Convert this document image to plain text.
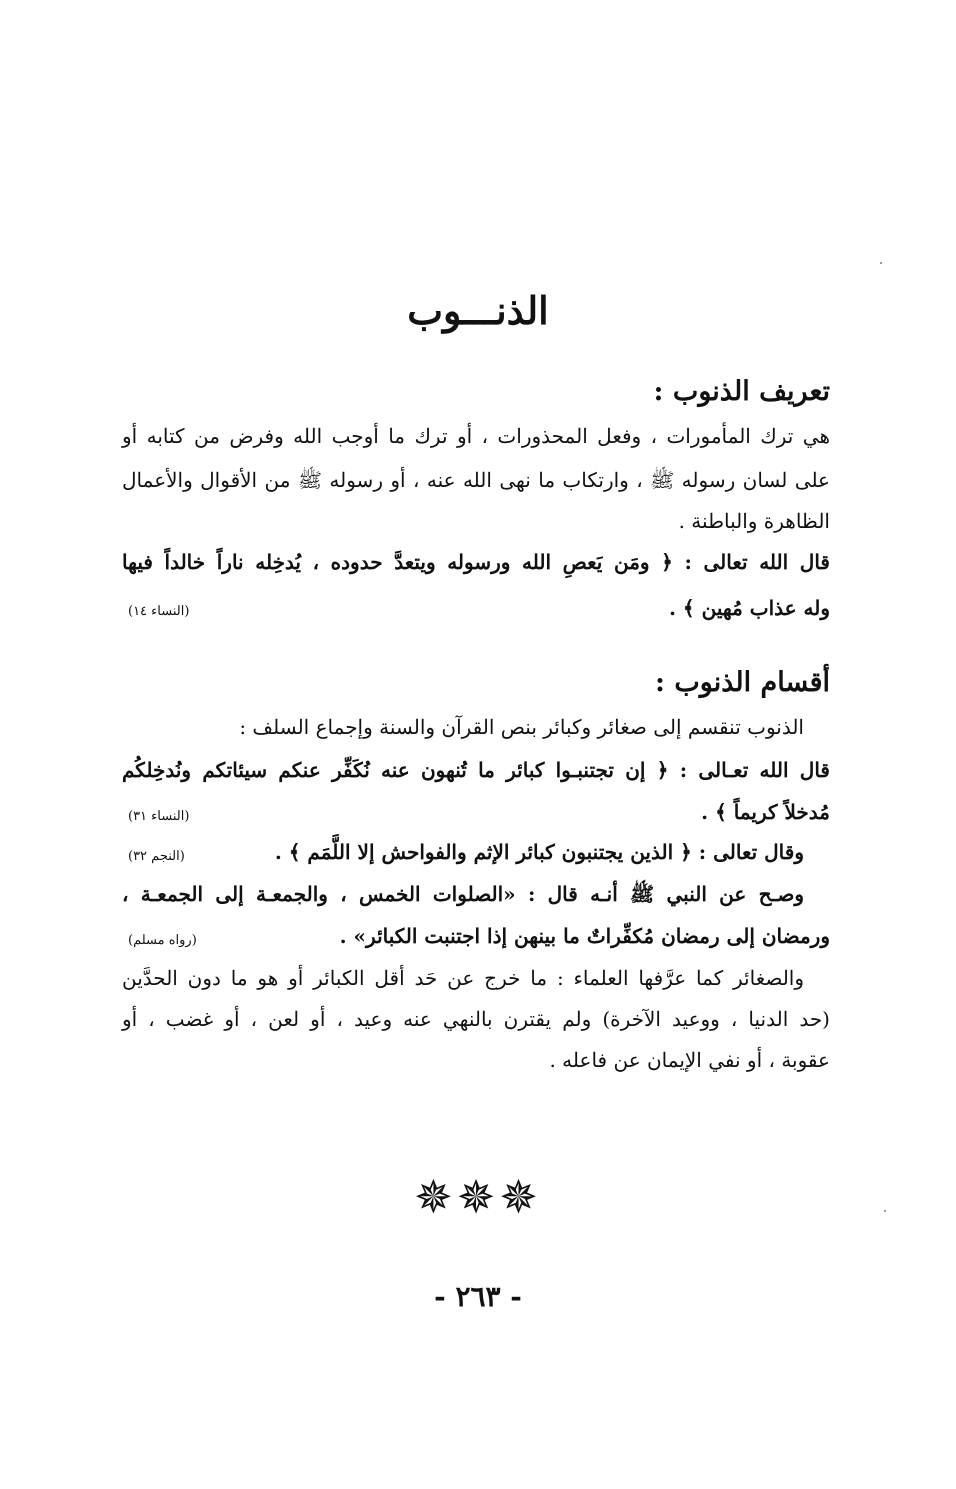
الذنـــوب
تعريف الذنوب :
هي ترك المأمورات ، وفعل المحذورات ، أو ترك ما أوجب الله وفرض من كتابه أو
على لسان رسوله ﷺ ، وارتكاب ما نهى الله عنه ، أو رسوله ﷺ من الأقوال والأعمال
الظاهرة والباطنة .
قال الله تعالى : ﴿ ومَن يَعصِ الله ورسوله ويتعدَّ حدوده ، يُدخِله ناراً خالداً فيها
وله عذاب مُهين ﴾ .
(النساء ١٤)
أقسام الذنوب :
الذنوب تنقسم إلى صغائر وكبائر بنص القرآن والسنة وإجماع السلف :
قال الله تعـالى : ﴿ إن تجتنبـوا كبائر ما تُنهون عنه نُكَفِّر عنكم سيئاتكم ونُدخِلكُم
مُدخلاً كريماً ﴾ .
(النساء ٣١)
وقال تعالى : ﴿ الذين يجتنبون كبائر الإثم والفواحش إلا اللَّمَم ﴾ .
(النجم ٣٢)
وصـح عن النبي ﷺ أنـه قال : «الصلوات الخمس ، والجمعـة إلى الجمعـة ،
ورمضان إلى رمضان مُكفِّراتٌ ما بينهن إذا اجتنبت الكبائر» .
(رواه مسلم)
والصغائر كما عرَّفها العلماء : ما خرج عن حَد أقل الكبائر أو هو ما دون الحدَّين
(حد الدنيا ، ووعيد الآخرة) ولم يقترن بالنهي عنه وعيد ، أو لعن ، أو غضب ، أو
عقوبة ، أو نفي الإيمان عن فاعله .
✵✵✵
- ٢٦٣ -
